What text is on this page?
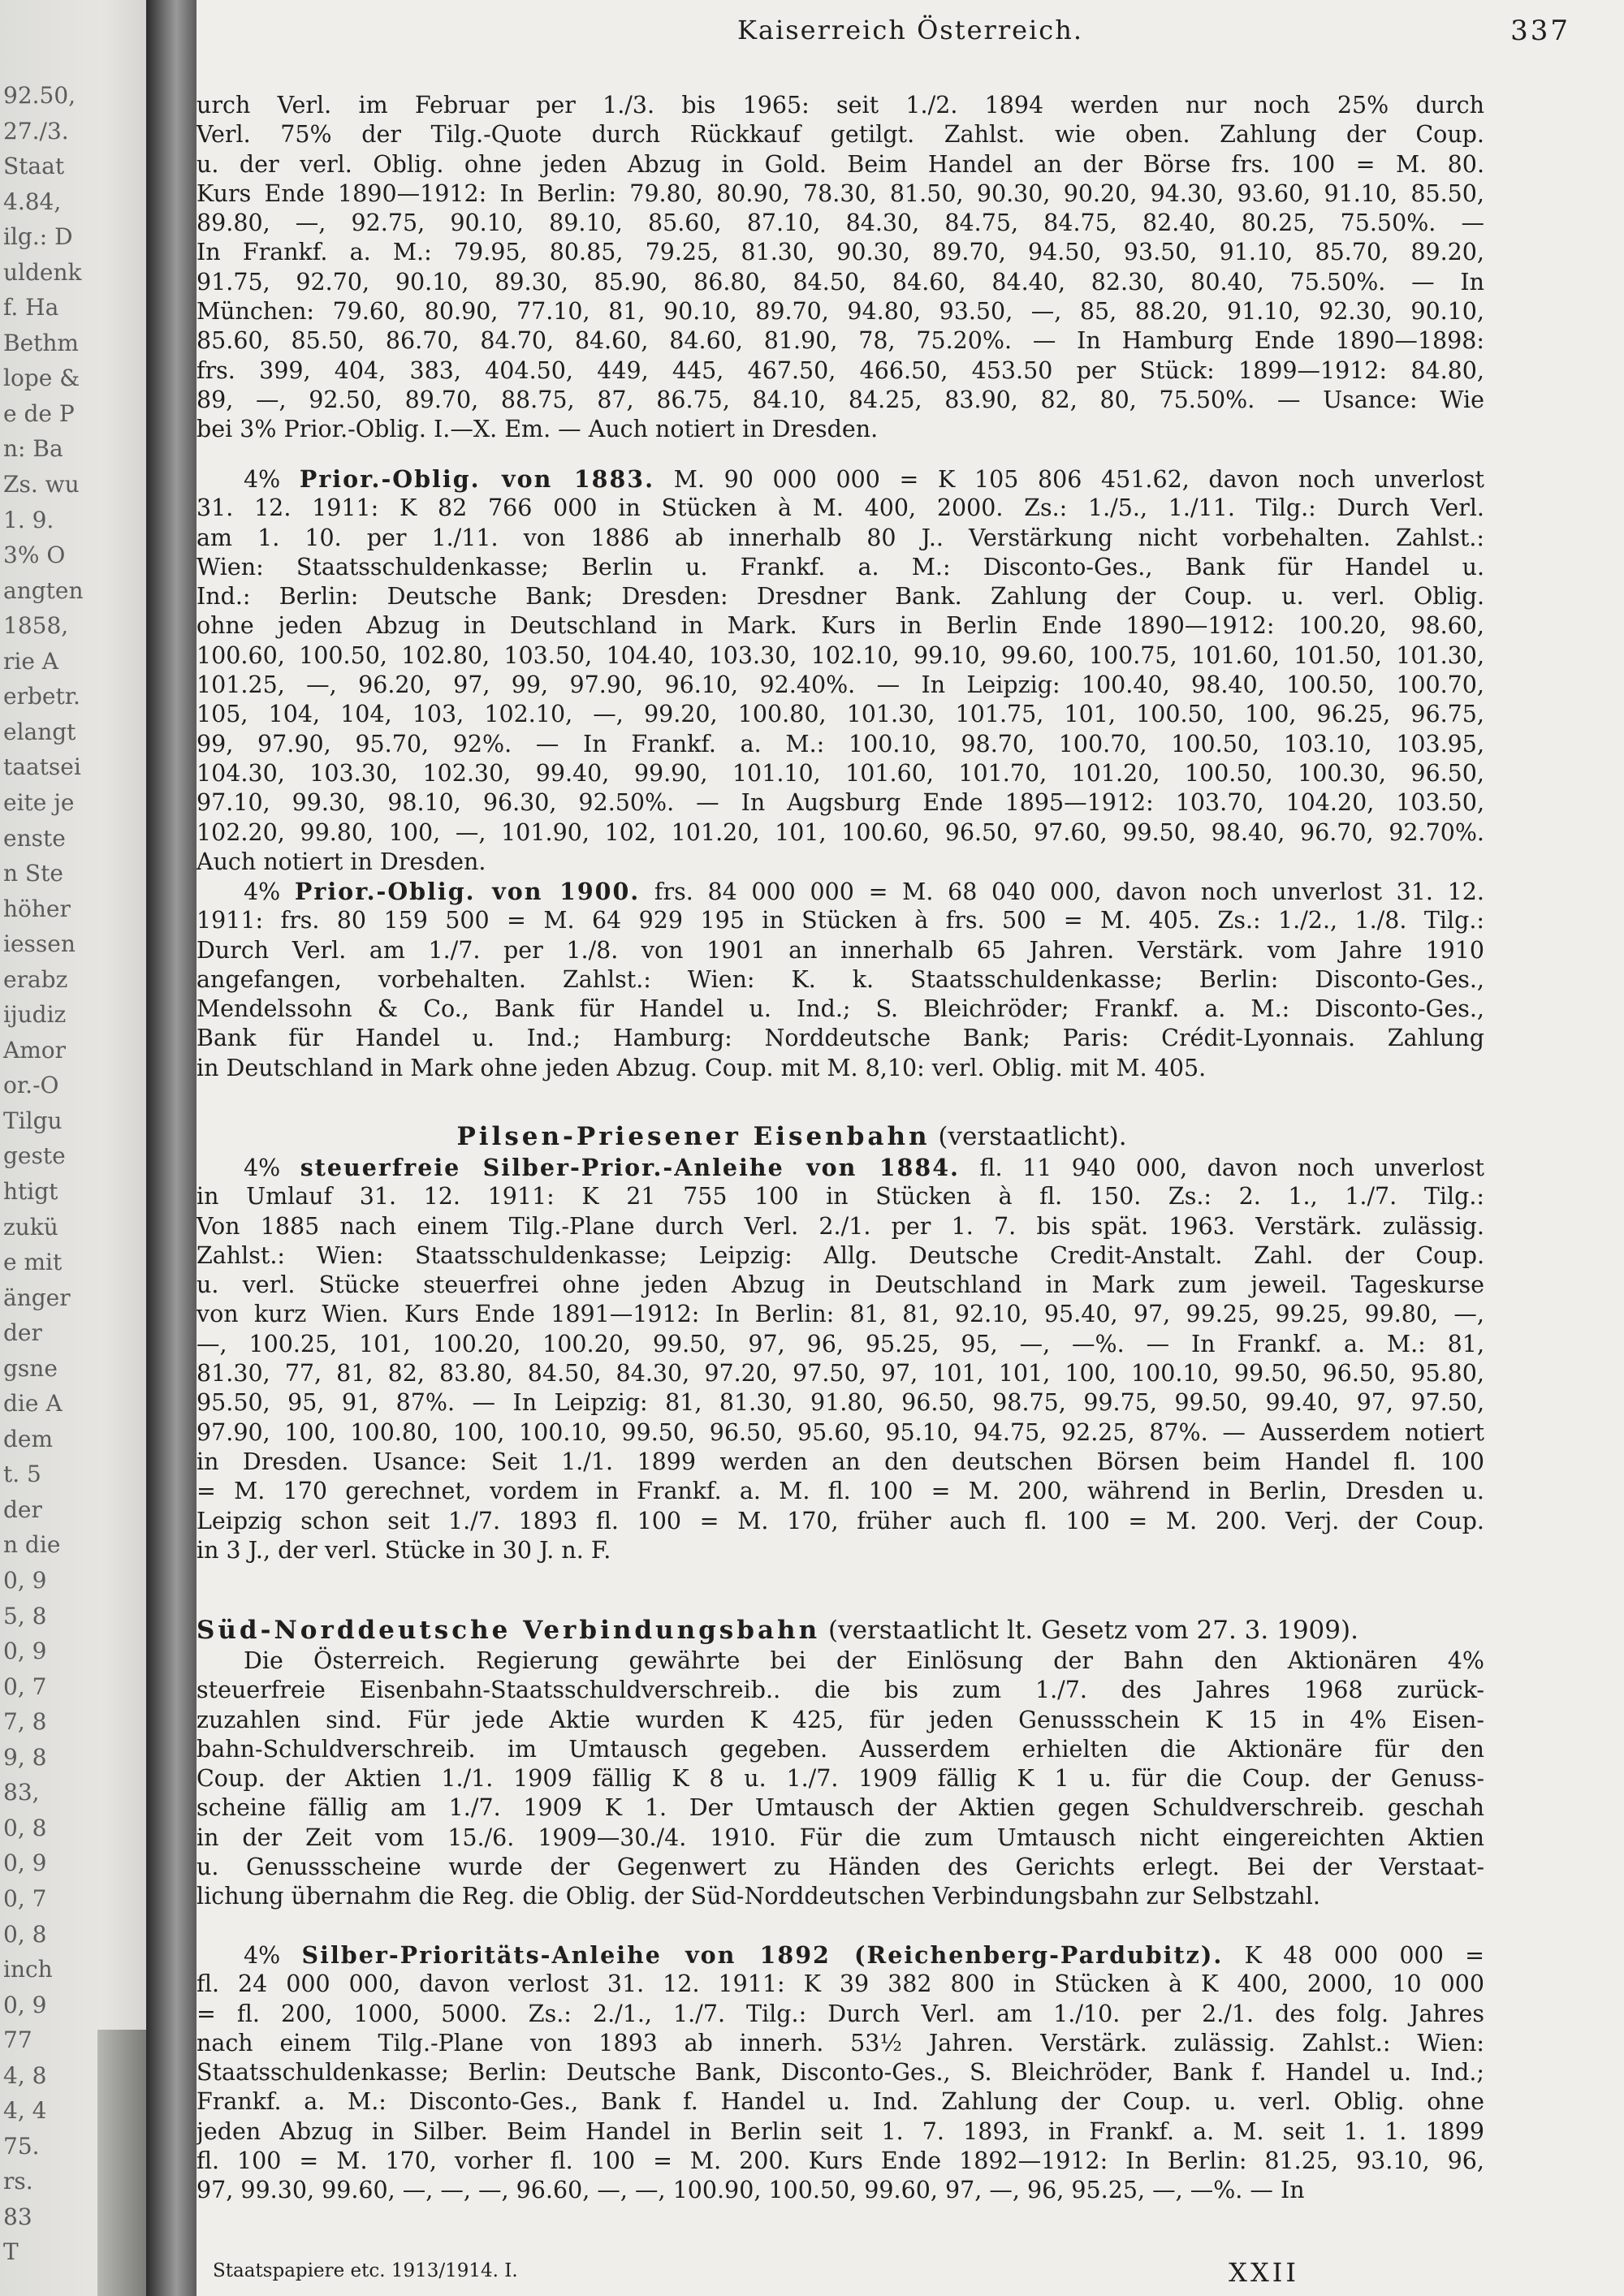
92.50,
27./3.
Staat
4.84,
ilg.: D
uldenk
f. Ha
Bethm
lope &
e de P
n: Ba
Zs. wu
1. 9.
3% O
angten
1858,
rie A
erbetr.
elangt
taatsei
eite je
enste
n Ste
höher
iessen
erabz
ijudiz
Amor
or.-O
Tilgu
geste
htigt
zukü
e mit
änger
der
gsne
die A
dem
t. 5
der
n die
0, 9
5, 8
0, 9
0, 7
7, 8
9, 8
83,
0, 8
0, 9
0, 7
0, 8
inch
0, 9
77
4, 8
4, 4
75.
rs.
83
T
Kaiserreich Österreich.	337
urch Verl. im Februar per 1./3. bis 1965: seit 1./2. 1894 werden nur noch 25% durch
Verl. 75% der Tilg.-Quote durch Rückkauf getilgt. Zahlst. wie oben. Zahlung der Coup.
u. der verl. Oblig. ohne jeden Abzug in Gold. Beim Handel an der Börse frs. 100 = M. 80.
Kurs Ende 1890—1912: In Berlin: 79.80, 80.90, 78.30, 81.50, 90.30, 90.20, 94.30, 93.60, 91.10, 85.50,
89.80, —, 92.75, 90.10, 89.10, 85.60, 87.10, 84.30, 84.75, 84.75, 82.40, 80.25, 75.50%. —
In Frankf. a. M.: 79.95, 80.85, 79.25, 81.30, 90.30, 89.70, 94.50, 93.50, 91.10, 85.70, 89.20,
91.75, 92.70, 90.10, 89.30, 85.90, 86.80, 84.50, 84.60, 84.40, 82.30, 80.40, 75.50%. — In
München: 79.60, 80.90, 77.10, 81, 90.10, 89.70, 94.80, 93.50, —, 85, 88.20, 91.10, 92.30, 90.10,
85.60, 85.50, 86.70, 84.70, 84.60, 84.60, 81.90, 78, 75.20%. — In Hamburg Ende 1890—1898:
frs. 399, 404, 383, 404.50, 449, 445, 467.50, 466.50, 453.50 per Stück: 1899—1912: 84.80,
89, —, 92.50, 89.70, 88.75, 87, 86.75, 84.10, 84.25, 83.90, 82, 80, 75.50%. — Usance: Wie
bei 3% Prior.-Oblig. I.—X. Em. — Auch notiert in Dresden.
4% Prior.-Oblig. von 1883. M. 90 000 000 = K 105 806 451.62, davon noch unverlost
31. 12. 1911: K 82 766 000 in Stücken à M. 400, 2000. Zs.: 1./5., 1./11. Tilg.: Durch Verl.
am 1. 10. per 1./11. von 1886 ab innerhalb 80 J.. Verstärkung nicht vorbehalten. Zahlst.:
Wien: Staatsschuldenkasse; Berlin u. Frankf. a. M.: Disconto-Ges., Bank für Handel u.
Ind.: Berlin: Deutsche Bank; Dresden: Dresdner Bank. Zahlung der Coup. u. verl. Oblig.
ohne jeden Abzug in Deutschland in Mark. Kurs in Berlin Ende 1890—1912: 100.20, 98.60,
100.60, 100.50, 102.80, 103.50, 104.40, 103.30, 102.10, 99.10, 99.60, 100.75, 101.60, 101.50, 101.30,
101.25, —, 96.20, 97, 99, 97.90, 96.10, 92.40%. — In Leipzig: 100.40, 98.40, 100.50, 100.70,
105, 104, 104, 103, 102.10, —, 99.20, 100.80, 101.30, 101.75, 101, 100.50, 100, 96.25, 96.75,
99, 97.90, 95.70, 92%. — In Frankf. a. M.: 100.10, 98.70, 100.70, 100.50, 103.10, 103.95,
104.30, 103.30, 102.30, 99.40, 99.90, 101.10, 101.60, 101.70, 101.20, 100.50, 100.30, 96.50,
97.10, 99.30, 98.10, 96.30, 92.50%. — In Augsburg Ende 1895—1912: 103.70, 104.20, 103.50,
102.20, 99.80, 100, —, 101.90, 102, 101.20, 101, 100.60, 96.50, 97.60, 99.50, 98.40, 96.70, 92.70%.
Auch notiert in Dresden.
4% Prior.-Oblig. von 1900. frs. 84 000 000 = M. 68 040 000, davon noch unverlost 31. 12.
1911: frs. 80 159 500 = M. 64 929 195 in Stücken à frs. 500 = M. 405. Zs.: 1./2., 1./8. Tilg.:
Durch Verl. am 1./7. per 1./8. von 1901 an innerhalb 65 Jahren. Verstärk. vom Jahre 1910
angefangen, vorbehalten. Zahlst.: Wien: K. k. Staatsschuldenkasse; Berlin: Disconto-Ges.,
Mendelssohn & Co., Bank für Handel u. Ind.; S. Bleichröder; Frankf. a. M.: Disconto-Ges.,
Bank für Handel u. Ind.; Hamburg: Norddeutsche Bank; Paris: Crédit-Lyonnais. Zahlung
in Deutschland in Mark ohne jeden Abzug. Coup. mit M. 8,10: verl. Oblig. mit M. 405.
Pilsen-Priesener Eisenbahn (verstaatlicht).
4% steuerfreie Silber-Prior.-Anleihe von 1884. fl. 11 940 000, davon noch unverlost
in Umlauf 31. 12. 1911: K 21 755 100 in Stücken à fl. 150. Zs.: 2. 1., 1./7. Tilg.:
Von 1885 nach einem Tilg.-Plane durch Verl. 2./1. per 1. 7. bis spät. 1963. Verstärk. zulässig.
Zahlst.: Wien: Staatsschuldenkasse; Leipzig: Allg. Deutsche Credit-Anstalt. Zahl. der Coup.
u. verl. Stücke steuerfrei ohne jeden Abzug in Deutschland in Mark zum jeweil. Tageskurse
von kurz Wien. Kurs Ende 1891—1912: In Berlin: 81, 81, 92.10, 95.40, 97, 99.25, 99.25, 99.80, —,
—, 100.25, 101, 100.20, 100.20, 99.50, 97, 96, 95.25, 95, —, —%. — In Frankf. a. M.: 81,
81.30, 77, 81, 82, 83.80, 84.50, 84.30, 97.20, 97.50, 97, 101, 101, 100, 100.10, 99.50, 96.50, 95.80,
95.50, 95, 91, 87%. — In Leipzig: 81, 81.30, 91.80, 96.50, 98.75, 99.75, 99.50, 99.40, 97, 97.50,
97.90, 100, 100.80, 100, 100.10, 99.50, 96.50, 95.60, 95.10, 94.75, 92.25, 87%. — Ausserdem notiert
in Dresden. Usance: Seit 1./1. 1899 werden an den deutschen Börsen beim Handel fl. 100
= M. 170 gerechnet, vordem in Frankf. a. M. fl. 100 = M. 200, während in Berlin, Dresden u.
Leipzig schon seit 1./7. 1893 fl. 100 = M. 170, früher auch fl. 100 = M. 200. Verj. der Coup.
in 3 J., der verl. Stücke in 30 J. n. F.
Süd-Norddeutsche Verbindungsbahn (verstaatlicht lt. Gesetz vom 27. 3. 1909).
Die Österreich. Regierung gewährte bei der Einlösung der Bahn den Aktionären 4%
steuerfreie Eisenbahn-Staatsschuldverschreib.. die bis zum 1./7. des Jahres 1968 zurück-
zuzahlen sind. Für jede Aktie wurden K 425, für jeden Genussschein K 15 in 4% Eisen-
bahn-Schuldverschreib. im Umtausch gegeben. Ausserdem erhielten die Aktionäre für den
Coup. der Aktien 1./1. 1909 fällig K 8 u. 1./7. 1909 fällig K 1 u. für die Coup. der Genuss-
scheine fällig am 1./7. 1909 K 1. Der Umtausch der Aktien gegen Schuldverschreib. geschah
in der Zeit vom 15./6. 1909—30./4. 1910. Für die zum Umtausch nicht eingereichten Aktien
u. Genussscheine wurde der Gegenwert zu Händen des Gerichts erlegt. Bei der Verstaat-
lichung übernahm die Reg. die Oblig. der Süd-Norddeutschen Verbindungsbahn zur Selbstzahl.
4% Silber-Prioritäts-Anleihe von 1892 (Reichenberg-Pardubitz). K 48 000 000 =
fl. 24 000 000, davon verlost 31. 12. 1911: K 39 382 800 in Stücken à K 400, 2000, 10 000
= fl. 200, 1000, 5000. Zs.: 2./1., 1./7. Tilg.: Durch Verl. am 1./10. per 2./1. des folg. Jahres
nach einem Tilg.-Plane von 1893 ab innerh. 53½ Jahren. Verstärk. zulässig. Zahlst.: Wien:
Staatsschuldenkasse; Berlin: Deutsche Bank, Disconto-Ges., S. Bleichröder, Bank f. Handel u. Ind.;
Frankf. a. M.: Disconto-Ges., Bank f. Handel u. Ind. Zahlung der Coup. u. verl. Oblig. ohne
jeden Abzug in Silber. Beim Handel in Berlin seit 1. 7. 1893, in Frankf. a. M. seit 1. 1. 1899
fl. 100 = M. 170, vorher fl. 100 = M. 200. Kurs Ende 1892—1912: In Berlin: 81.25, 93.10, 96,
97, 99.30, 99.60, —, —, —, 96.60, —, —, 100.90, 100.50, 99.60, 97, —, 96, 95.25, —, —%. — In
Staatspapiere etc. 1913/1914. I.	XXII
